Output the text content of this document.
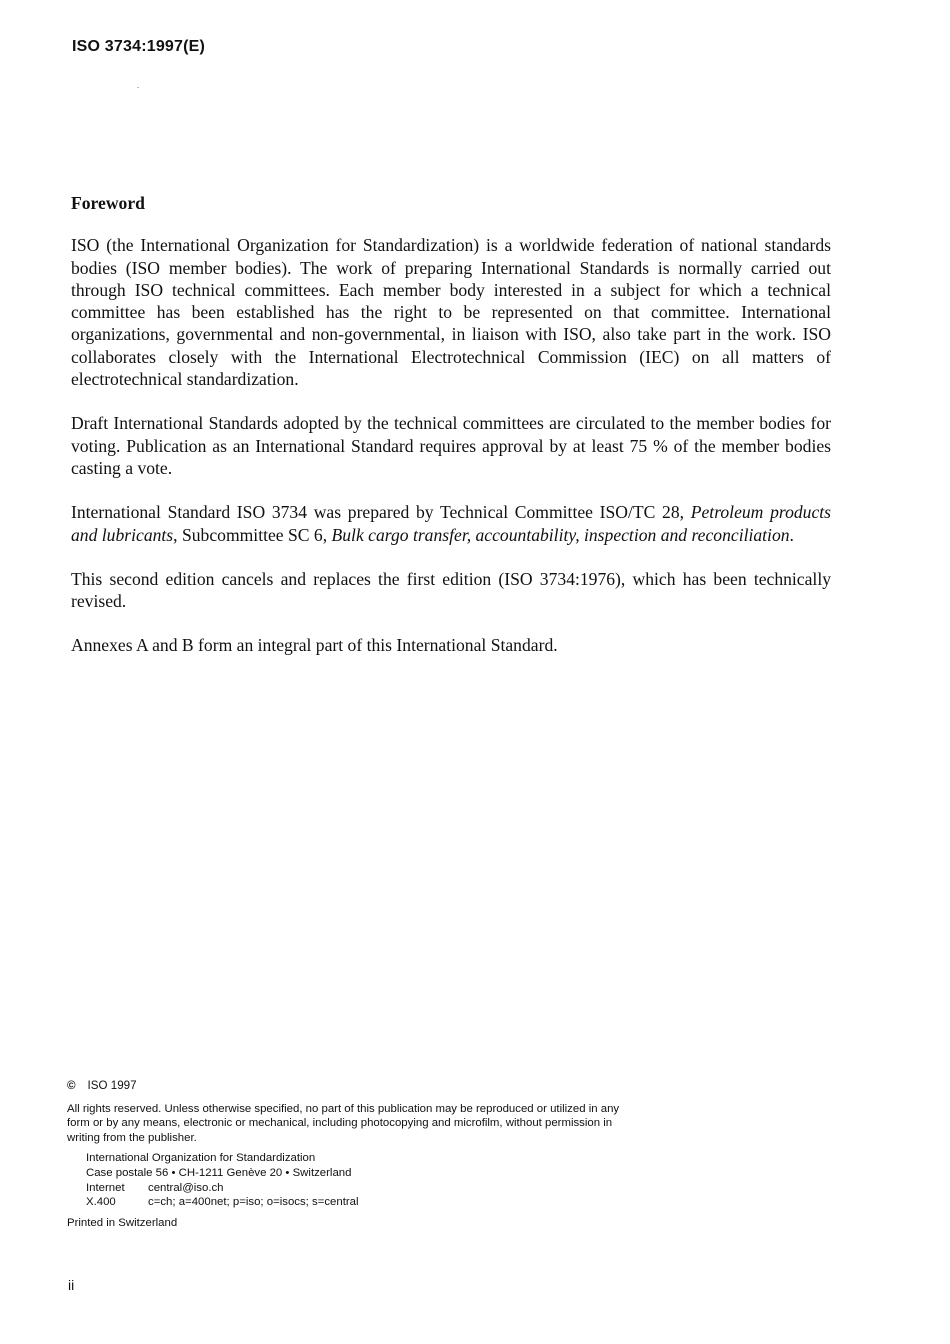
ISO 3734:1997(E)
Foreword

ISO (the International Organization for Standardization) is a worldwide federation of national standards bodies (ISO member bodies). The work of preparing International Standards is normally carried out through ISO technical committees. Each member body interested in a subject for which a technical committee has been established has the right to be represented on that committee. International organizations, governmental and non-governmental, in liaison with ISO, also take part in the work. ISO collaborates closely with the International Electrotechnical Commission (IEC) on all matters of electrotechnical standardization.

Draft International Standards adopted by the technical committees are circulated to the member bodies for voting. Publication as an International Standard requires approval by at least 75 % of the member bodies casting a vote.

International Standard ISO 3734 was prepared by Technical Committee ISO/TC 28, Petroleum products and lubricants, Subcommittee SC 6, Bulk cargo transfer, accountability, inspection and reconciliation.

This second edition cancels and replaces the first edition (ISO 3734:1976), which has been technically revised.

Annexes A and B form an integral part of this International Standard.

© ISO 1997
All rights reserved. Unless otherwise specified, no part of this publication may be reproduced or utilized in any form or by any means, electronic or mechanical, including photocopying and microfilm, without permission in writing from the publisher.
International Organization for Standardization
Case postale 56 • CH-1211 Genève 20 • Switzerland
Internet central@iso.ch
X.400	c=ch; a=400net; p=iso; o=isocs; s=central
Printed in Switzerland
ii
